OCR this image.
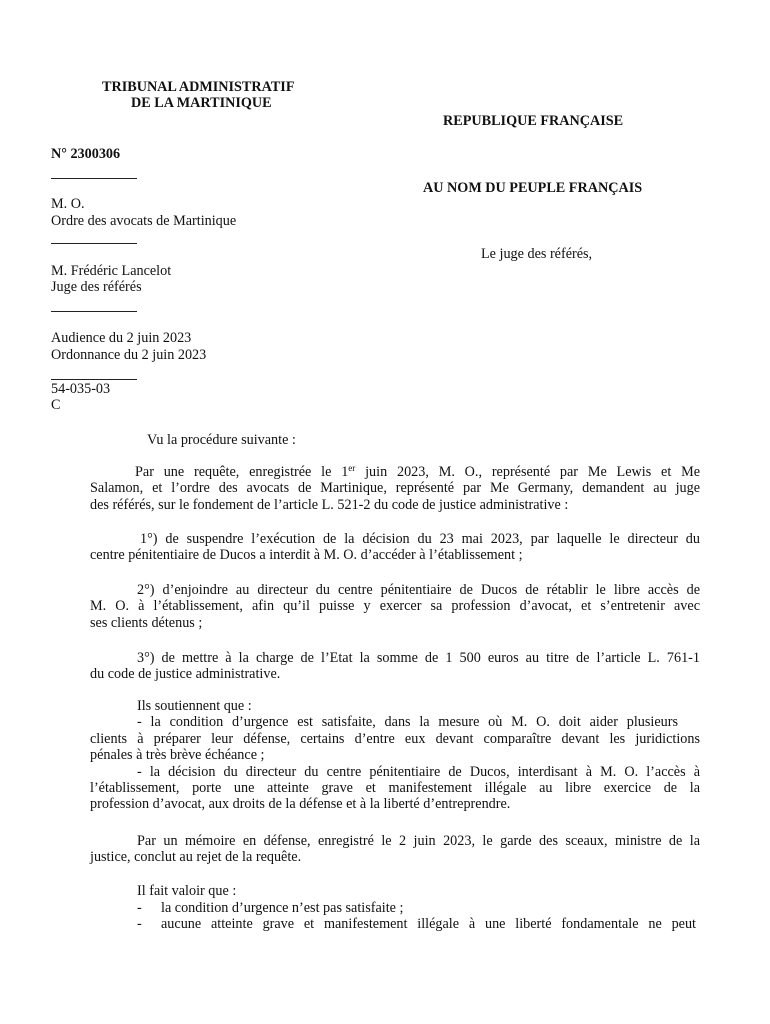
TRIBUNAL ADMINISTRATIF
DE LA MARTINIQUE
REPUBLIQUE FRANÇAISE
N° 2300306
AU NOM DU PEUPLE FRANÇAIS
M. O.
Ordre des avocats de Martinique
Le juge des référés,
M. Frédéric Lancelot
Juge des référés
Audience du 2 juin 2023
Ordonnance du 2 juin 2023
54-035-03
C
Vu la procédure suivante :
Par une requête, enregistrée le 1er juin 2023, M. O., représenté par Me Lewis et Me
Salamon, et l’ordre des avocats de Martinique, représenté par Me Germany, demandent au juge
des référés, sur le fondement de l’article L. 521-2 du code de justice administrative :
1°) de suspendre l’exécution de la décision du 23 mai 2023, par laquelle le directeur du
centre pénitentiaire de Ducos a interdit à M. O. d’accéder à l’établissement ;
2°) d’enjoindre au directeur du centre pénitentiaire de Ducos de rétablir le libre accès de
M. O. à l’établissement, afin qu’il puisse y exercer sa profession d’avocat, et s’entretenir avec
ses clients détenus ;
3°) de mettre à la charge de l’Etat la somme de 1 500 euros au titre de l’article L. 761-1
du code de justice administrative.
Ils soutiennent que :
- la condition d’urgence est satisfaite, dans la mesure où M. O. doit aider plusieurs
clients à préparer leur défense, certains d’entre eux devant comparaître devant les juridictions
pénales à très brève échéance ;
- la décision du directeur du centre pénitentiaire de Ducos, interdisant à M. O. l’accès à
l’établissement, porte une atteinte grave et manifestement illégale au libre exercice de la
profession d’avocat, aux droits de la défense et à la liberté d’entreprendre.
Par un mémoire en défense, enregistré le 2 juin 2023, le garde des sceaux, ministre de la
justice, conclut au rejet de la requête.
Il fait valoir que :
- la condition d’urgence n’est pas satisfaite ;
- aucune atteinte grave et manifestement illégale à une liberté fondamentale ne peut
